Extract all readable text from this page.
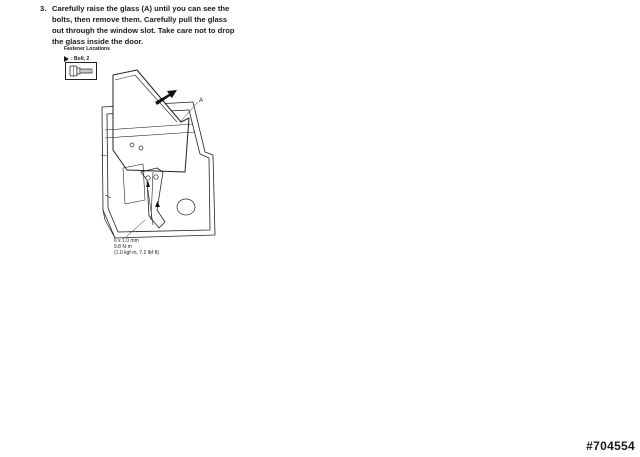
3. Carefully raise the glass (A) until you can see the
bolts, then remove them. Carefully pull the glass
out through the window slot. Take care not to drop
the glass inside the door.
Fastener Locations
: Bolt, 2
A
6 x 1.0 mm
9.8 N·m
(1.0 kgf·m, 7.2 lbf·ft)
#704554
